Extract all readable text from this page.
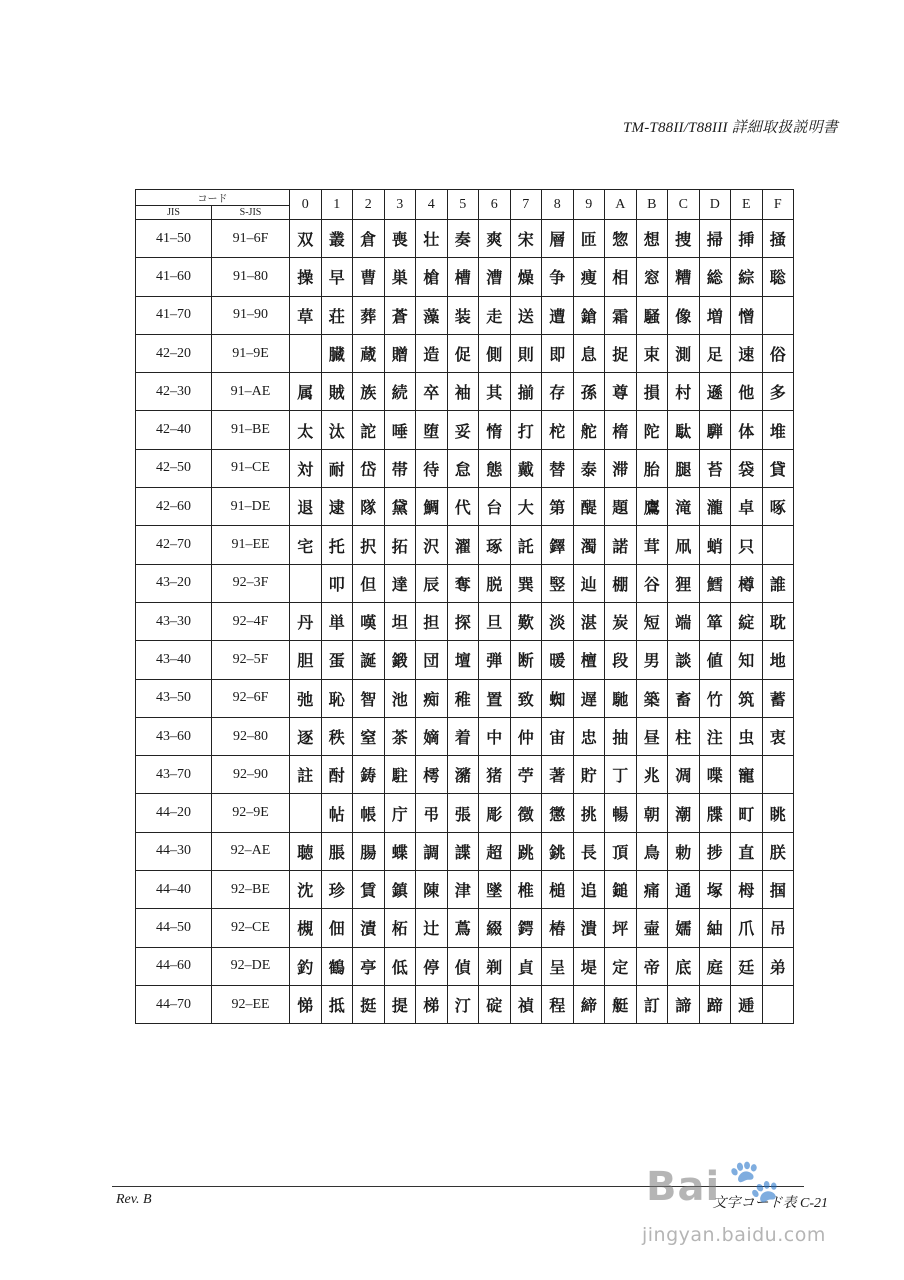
TM-T88II/T88III 詳細取扱説明書
コード		0	1	2	3	4	5	6	7	8	9	A	B	C	D	E	F
JIS	S-JIS																
41–50	91–6F	双	叢	倉	喪	壮	奏	爽	宋	層	匝	惣	想	捜	掃	挿	掻
41–60	91–80	操	早	曹	巣	槍	槽	漕	燥	争	痩	相	窓	糟	総	綜	聡
41–70	91–90	草	荘	葬	蒼	藻	装	走	送	遭	鎗	霜	騒	像	増	憎	
42–20	91–9E		臓	蔵	贈	造	促	側	則	即	息	捉	束	測	足	速	俗
42–30	91–AE	属	賊	族	続	卒	袖	其	揃	存	孫	尊	損	村	遜	他	多
42–40	91–BE	太	汰	詑	唾	堕	妥	惰	打	柁	舵	楕	陀	駄	騨	体	堆
42–50	91–CE	対	耐	岱	帯	待	怠	態	戴	替	泰	滞	胎	腿	苔	袋	貸
42–60	91–DE	退	逮	隊	黛	鯛	代	台	大	第	醍	題	鷹	滝	瀧	卓	啄
42–70	91–EE	宅	托	択	拓	沢	濯	琢	託	鐸	濁	諾	茸	凧	蛸	只	
43–20	92–3F		叩	但	達	辰	奪	脱	巽	竪	辿	棚	谷	狸	鱈	樽	誰
43–30	92–4F	丹	単	嘆	坦	担	探	旦	歎	淡	湛	炭	短	端	箪	綻	耽
43–40	92–5F	胆	蛋	誕	鍛	団	壇	弾	断	暖	檀	段	男	談	値	知	地
43–50	92–6F	弛	恥	智	池	痴	稚	置	致	蜘	遅	馳	築	畜	竹	筑	蓄
43–60	92–80	逐	秩	窒	茶	嫡	着	中	仲	宙	忠	抽	昼	柱	注	虫	衷
43–70	92–90	註	酎	鋳	駐	樗	瀦	猪	苧	著	貯	丁	兆	凋	喋	寵	
44–20	92–9E		帖	帳	庁	弔	張	彫	徴	懲	挑	暢	朝	潮	牒	町	眺
44–30	92–AE	聴	脹	腸	蝶	調	諜	超	跳	銚	長	頂	鳥	勅	捗	直	朕
44–40	92–BE	沈	珍	賃	鎮	陳	津	墜	椎	槌	追	鎚	痛	通	塚	栂	掴
44–50	92–CE	槻	佃	漬	柘	辻	蔦	綴	鍔	椿	潰	坪	壷	嬬	紬	爪	吊
44–60	92–DE	釣	鶴	亭	低	停	偵	剃	貞	呈	堤	定	帝	底	庭	廷	弟
44–70	92–EE	悌	抵	挺	提	梯	汀	碇	禎	程	締	艇	訂	諦	蹄	逓	
Rev. B	文字コード表 C-21
Bai 🐾
jingyan.baidu.com
